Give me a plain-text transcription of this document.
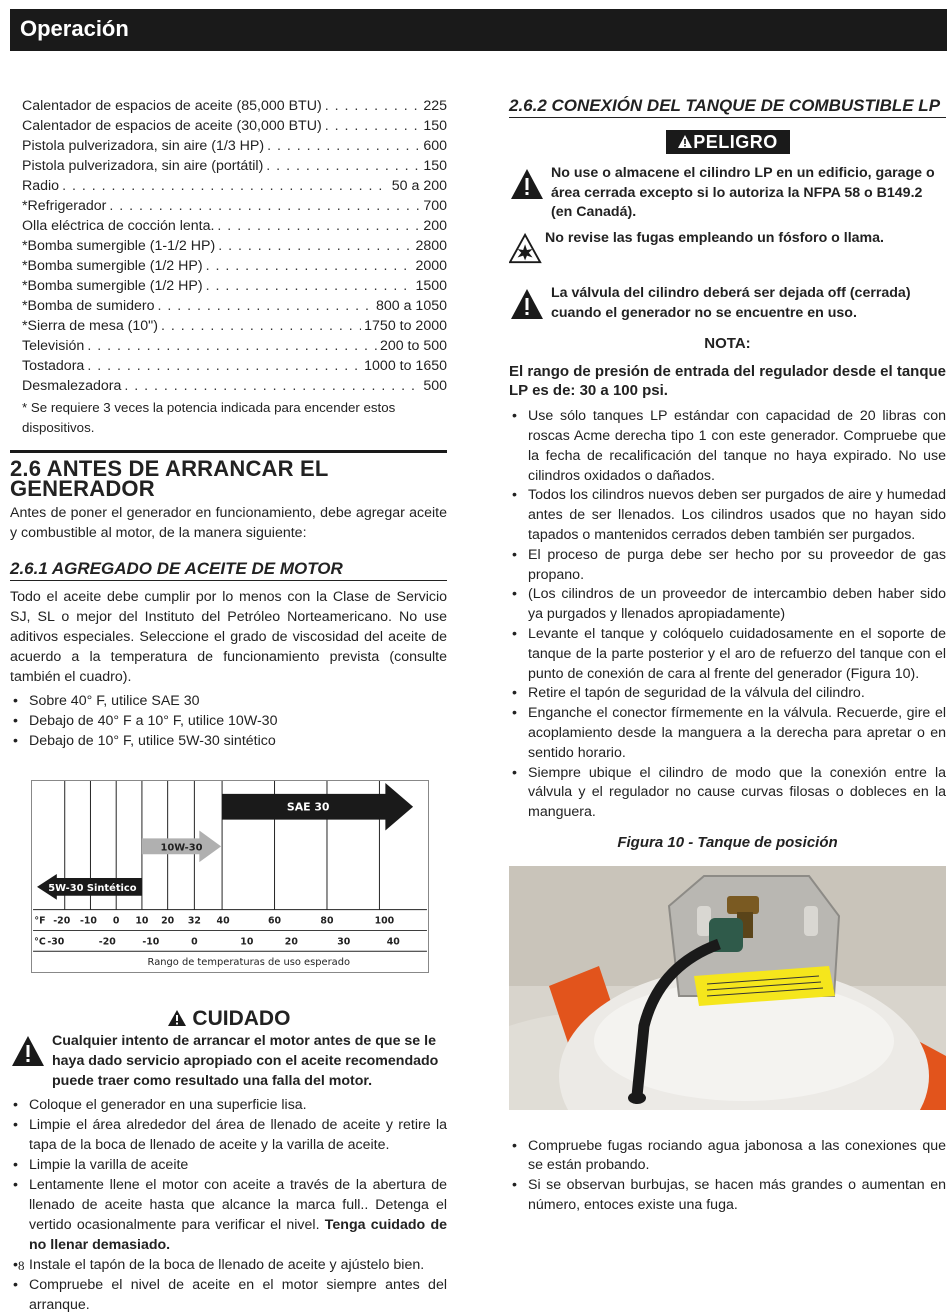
Operación
Calentador de espacios de aceite (85,000 BTU) . . .	225
Calentador de espacios de aceite (30,000 BTU) . . .	150
Pistola pulverizadora, sin aire (1/3 HP) . . .	600
Pistola pulverizadora, sin aire (portátil) . . .	150
Radio . . .	50 a 200
*Refrigerador . . .	700
Olla eléctrica de cocción lenta. . . .	200
*Bomba sumergible (1-1/2 HP) . . .	2800
*Bomba sumergible (1/2 HP) . . .	2000
*Bomba sumergible (1/2 HP) . . .	1500
*Bomba de sumidero . . .	800 a 1050
*Sierra de mesa (10") . . .	1750 to 2000
Televisión . . .	200 to 500
Tostadora . . .	1000 to 1650
Desmalezadora . . .	500
* Se requiere 3 veces la potencia indicada para encender estos dispositivos.
2.6 ANTES DE ARRANCAR EL GENERADOR

Antes de poner el generador en funcionamiento, debe agregar aceite y combustible al motor, de la manera siguiente:

2.6.1 AGREGADO DE ACEITE DE MOTOR

Todo el aceite debe cumplir por lo menos con la Clase de Servicio SJ, SL o mejor del Instituto del Petróleo Norteamericano. No use aditivos especiales. Seleccione el grado de viscosidad del aceite de acuerdo a la temperatura de funcionamiento prevista (consulte también el cuadro).

• Sobre 40° F, utilice SAE 30
• Debajo de 40° F a 10° F, utilice 10W-30
• Debajo de 10° F, utilice 5W-30 sintético
SAE 30
10W-30
5W-30 Sintético
°F -20 -10 0 10 20 32 40	60	80	100
°C -30	-20	-10	0	10	20	30	40
Rango de temperaturas de uso esperado
CUIDADO
Cualquier intento de arrancar el motor antes de que se le haya dado servicio apropiado con el aceite recomendado puede traer como resultado una falla del motor.
• Coloque el generador en una superficie lisa.
• Limpie el área alrededor del área de llenado de aceite y retire la tapa de la boca de llenado de aceite y la varilla de aceite.
• Limpie la varilla de aceite
• Lentamente llene el motor con aceite a través de la abertura de llenado de aceite hasta que alcance la marca full.. Detenga el vertido ocasionalmente para verificar el nivel. Tenga cuidado de no llenar demasiado.
• Instale el tapón de la boca de llenado de aceite y ajústelo bien.
• Compruebe el nivel de aceite en el motor siempre antes del arranque.
2.6.2 CONEXIÓN DEL TANQUE DE COMBUSTIBLE LP
PELIGRO
No use o almacene el cilindro LP en un edificio, garage o área cerrada excepto si lo autoriza la NFPA 58 o B149.2 (en Canadá).
No revise las fugas empleando un fósforo o llama.
La válvula del cilindro deberá ser dejada off (cerrada) cuando el generador no se encuentre en uso.
NOTA:

El rango de presión de entrada del regulador desde el tanque LP es de: 30 a 100 psi.

• Use sólo tanques LP estándar con capacidad de 20 libras con roscas Acme derecha tipo 1 con este generador. Compruebe que la fecha de recalificación del tanque no haya expirado. No use cilindros oxidados o dañados.
• Todos los cilindros nuevos deben ser purgados de aire y humedad antes de ser llenados. Los cilindros usados que no hayan sido tapados o mantenidos cerrados deben también ser purgados.
• El proceso de purga debe ser hecho por su proveedor de gas propano.
• (Los cilindros de un proveedor de intercambio deben haber sido ya purgados y llenados apropiadamente)
• Levante el tanque y colóquelo cuidadosamente en el soporte de tanque de la parte posterior y el aro de refuerzo del tanque con el punto de conexión de cara al frente del generador (Figura 10).
• Retire el tapón de seguridad de la válvula del cilindro.
• Enganche el conector fírmemente en la válvula. Recuerde, gire el acoplamiento desde la manguera a la derecha para apretar o en sentido horario.
• Siempre ubique el cilindro de modo que la conexión entre la válvula y el regulador no cause curvas filosas o dobleces en la manguera.
Figura 10 - Tanque de posición
• Compruebe fugas rociando agua jabonosa a las conexiones que se están probando.
• Si se observan burbujas, se hacen más grandes o aumentan en número, entoces existe una fuga.
8
